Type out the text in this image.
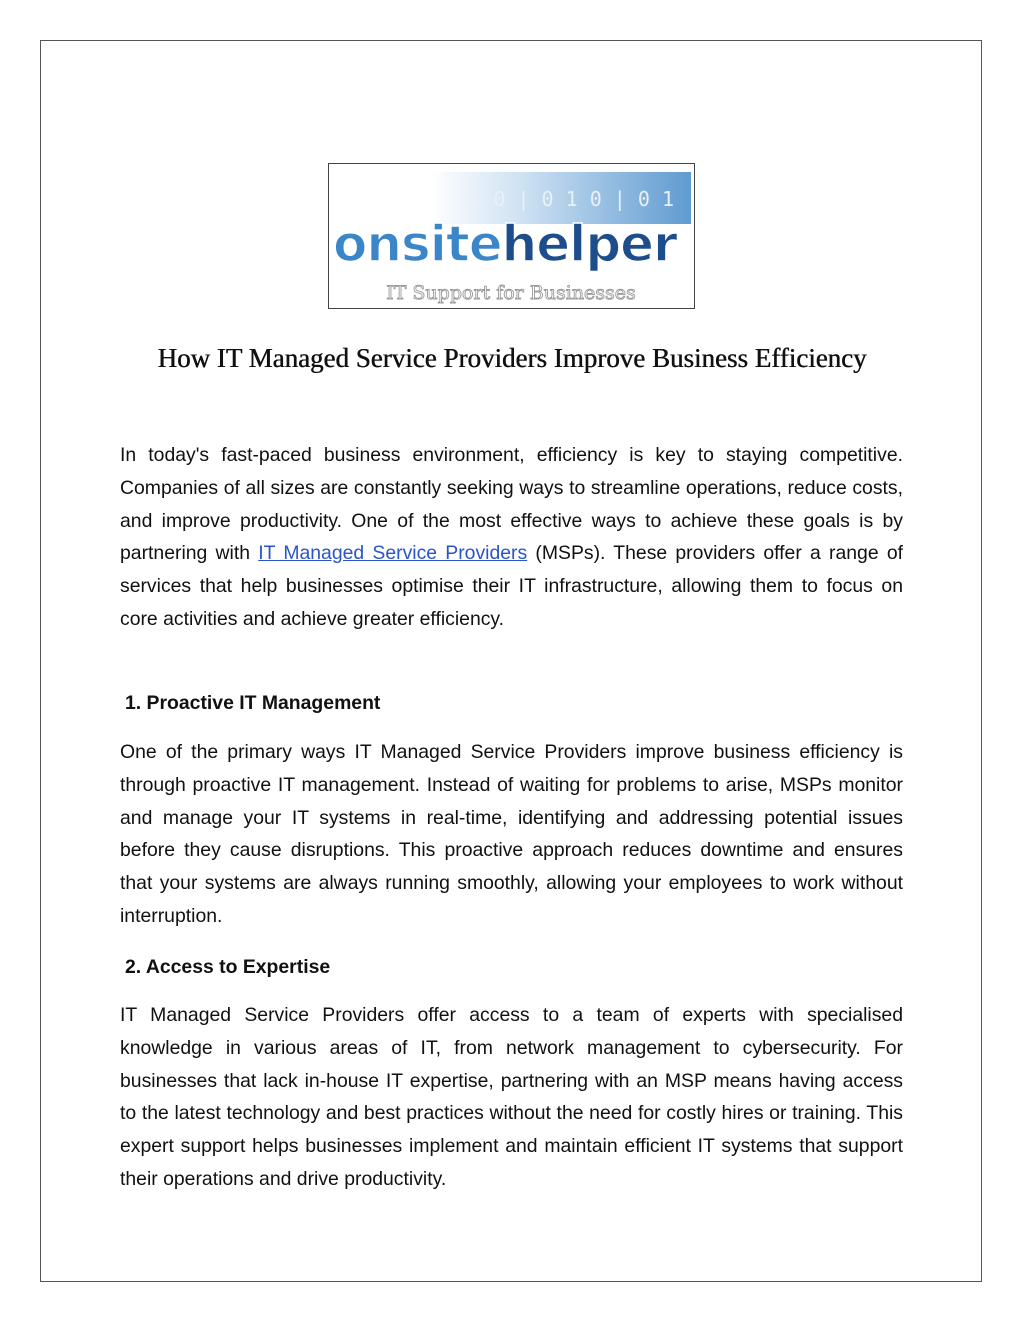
1 0 | 0 1 0 | 0 1
onsitehelper
IT Support for Businesses
How IT Managed Service Providers Improve Business Efficiency

In today's fast-paced business environment, efficiency is key to staying competitive. Companies of all sizes are constantly seeking ways to streamline operations, reduce costs, and improve productivity. One of the most effective ways to achieve these goals is by partnering with IT Managed Service Providers (MSPs). These providers offer a range of services that help businesses optimise their IT infrastructure, allowing them to focus on core activities and achieve greater efficiency.

1. Proactive IT Management

One of the primary ways IT Managed Service Providers improve business efficiency is through proactive IT management. Instead of waiting for problems to arise, MSPs monitor and manage your IT systems in real-time, identifying and addressing potential issues before they cause disruptions. This proactive approach reduces downtime and ensures that your systems are always running smoothly, allowing your employees to work without interruption.

2. Access to Expertise

IT Managed Service Providers offer access to a team of experts with specialised knowledge in various areas of IT, from network management to cybersecurity. For businesses that lack in-house IT expertise, partnering with an MSP means having access to the latest technology and best practices without the need for costly hires or training. This expert support helps businesses implement and maintain efficient IT systems that support their operations and drive productivity.
